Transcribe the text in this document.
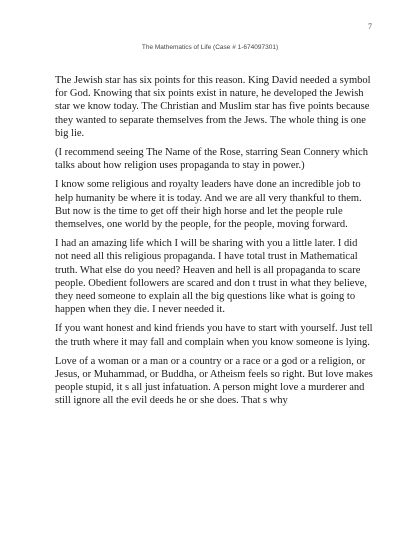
7
The Mathematics of Life (Case # 1-674097301)

The Jewish star has six points for this reason. King David needed a symbol for God. Knowing that six points exist in nature, he developed the Jewish star we know today. The Christian and Muslim star has five points because they wanted to separate themselves from the Jews. The whole thing is one big lie.

(I recommend seeing The Name of the Rose, starring Sean Connery which talks about how religion uses propaganda to stay in power.)

I know some religious and royalty leaders have done an incredible job to help humanity be where it is today. And we are all very thankful to them. But now is the time to get off their high horse and let the people rule themselves, one world by the people, for the people, moving forward.

I had an amazing life which I will be sharing with you a little later. I did not need all this religious propaganda. I have total trust in Mathematical truth. What else do you need? Heaven and hell is all propaganda to scare people. Obedient followers are scared and don t trust in what they believe, they need someone to explain all the big questions like what is going to happen when they die. I never needed it.

If you want honest and kind friends you have to start with yourself. Just tell the truth where it may fall and complain when you know someone is lying.

Love of a woman or a man or a country or a race or a god or a religion, or Jesus, or Muhammad, or Buddha, or Atheism feels so right. But love makes people stupid, it s all just infatuation. A person might love a murderer and still ignore all the evil deeds he or she does. That s why
